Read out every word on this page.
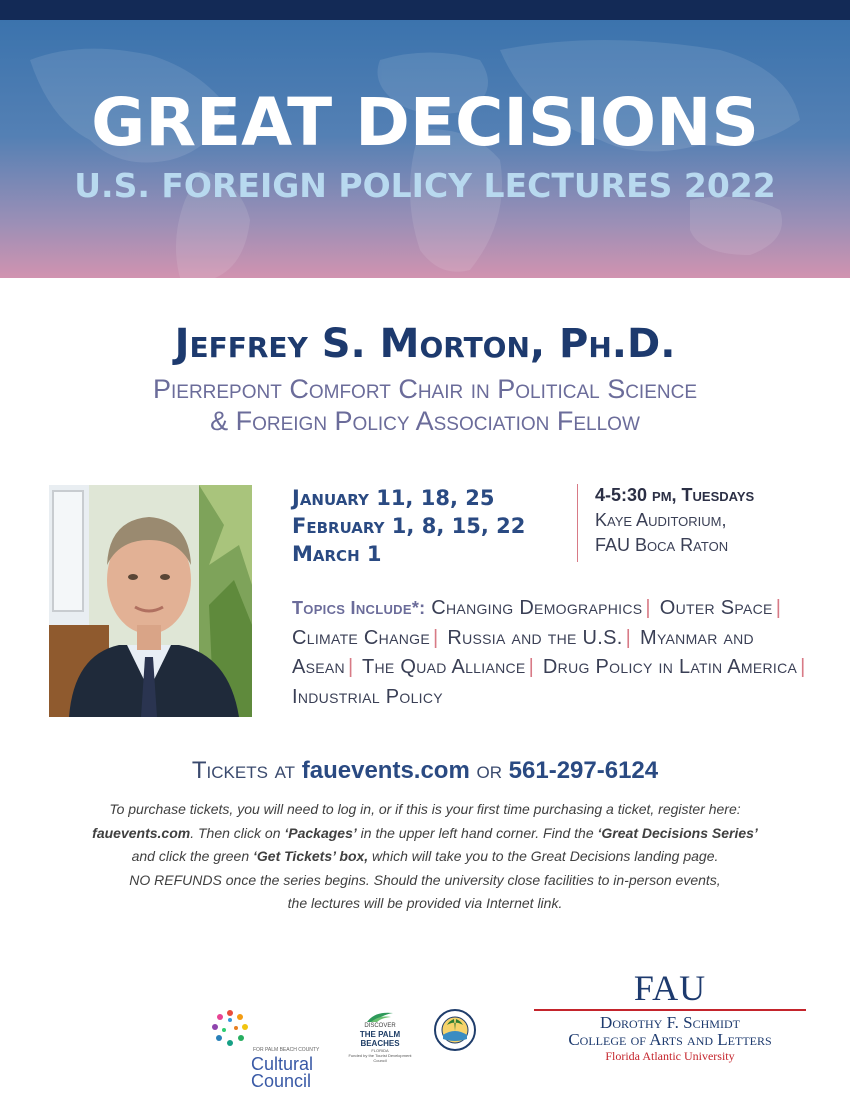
GREAT DECISIONS
U.S. FOREIGN POLICY LECTURES 2022
Jeffrey S. Morton, Ph.D.
Pierrepont Comfort Chair in Political Science
& Foreign Policy Association Fellow
January 11, 18, 25
February 1, 8, 15, 22
March 1
4-5:30 pm, Tuesdays
Kaye Auditorium,
FAU Boca Raton
Topics Include*: Changing Demographics | Outer Space | Climate Change | Russia and the U.S. | Myanmar and Asean | The Quad Alliance | Drug Policy in Latin America | Industrial Policy
Tickets at fauevents.com or 561-297-6124
To purchase tickets, you will need to log in, or if this is your first time purchasing a ticket, register here:
fauevents.com. Then click on ‘Packages’ in the upper left hand corner. Find the ‘Great Decisions Series’
and click the green ‘Get Tickets’ box, which will take you to the Great Decisions landing page.
NO REFUNDS once the series begins. Should the university close facilities to in-person events,
the lectures will be provided via Internet link.
Cultural Council
FOR PALM BEACH COUNTY
DISCOVER
THE PALM BEACHES
FLORIDA
Funded by the Tourist Development Council
FAU
Dorothy F. Schmidt
College of Arts and Letters
Florida Atlantic University
